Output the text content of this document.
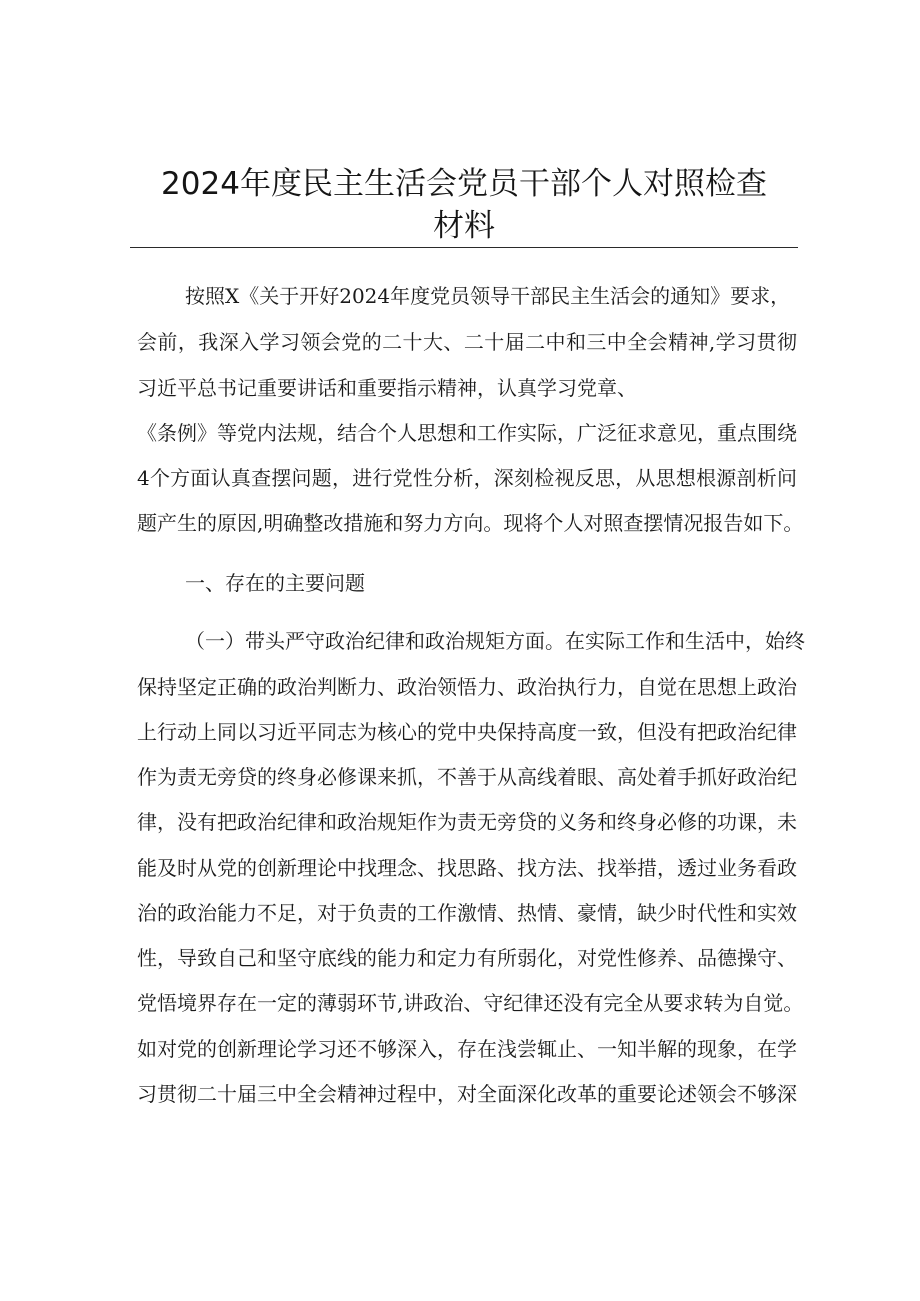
2024年度民主生活会党员干部个人对照检查
材料
按照X《关于开好2024年度党员领导干部民主生活会的通知》要求，
会前，我深入学习领会党的二十大、二十届二中和三中全会精神,学习贯彻
习近平总书记重要讲话和重要指示精神，认真学习党章、
《条例》等党内法规，结合个人思想和工作实际，广泛征求意见，重点围绕
4个方面认真查摆问题，进行党性分析，深刻检视反思，从思想根源剖析问
题产生的原因,明确整改措施和努力方向。现将个人对照查摆情况报告如下。
一、存在的主要问题
（一）带头严守政治纪律和政治规矩方面。在实际工作和生活中，始终
保持坚定正确的政治判断力、政治领悟力、政治执行力，自觉在思想上政治
上行动上同以习近平同志为核心的党中央保持高度一致，但没有把政治纪律
作为责无旁贷的终身必修课来抓，不善于从高线着眼、高处着手抓好政治纪
律，没有把政治纪律和政治规矩作为责无旁贷的义务和终身必修的功课，未
能及时从党的创新理论中找理念、找思路、找方法、找举措，透过业务看政
治的政治能力不足，对于负责的工作激情、热情、豪情，缺少时代性和实效
性，导致自己和坚守底线的能力和定力有所弱化，对党性修养、品德操守、
党悟境界存在一定的薄弱环节,讲政治、守纪律还没有完全从要求转为自觉。
如对党的创新理论学习还不够深入，存在浅尝辄止、一知半解的现象，在学
习贯彻二十届三中全会精神过程中，对全面深化改革的重要论述领会不够深
